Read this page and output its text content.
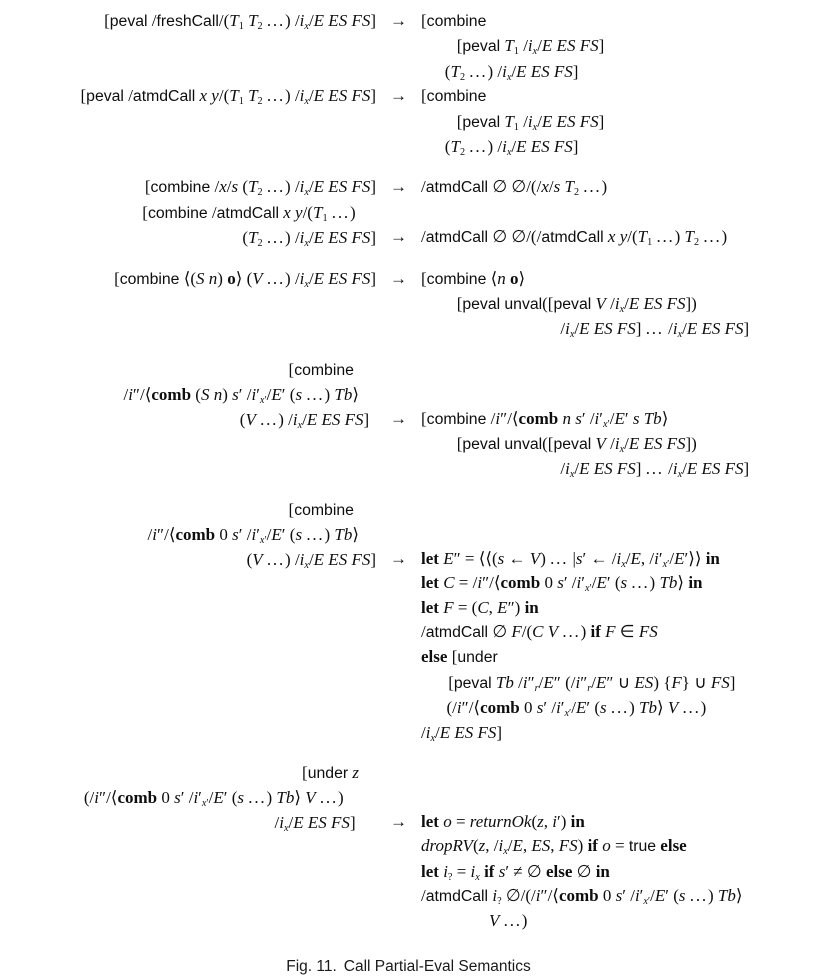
[peval $/freshCall/(T_1$ $T_2$ ...) $/i_x/E$ ES FS] → [combine
[peval $T_1$ $/i_x/E$ ES FS]
($T_2$ ...) $/i_x/E$ ES FS]
[peval /atmdCall x $y/(T_1$ $T_2$ ...) $/i_x/E$ ES FS] → [combine
[peval $T_1$ $/i_x/E$ ES FS]
($T_2$ ...) $/i_x/E$ ES FS]
[combine /x/s ($T_2$ ...) $/i_x/E$ ES FS] → /atmdCall ∅ ∅/(/x/s $T_2$ ...)
[combine /atmdCall x $y/(T_1$ ...)
($T_2$ ...) $/i_x/E$ ES FS] → /atmdCall ∅ ∅/(/atmdCall x $y/(T_1$ ...) $T_2$ ...)
[combine ⟨(S n) o⟩ (V ...) $/i_x/E$ ES FS] → [combine ⟨n o⟩
[peval unval([peval V $/i_x/E$ ES FS])
$/i_x/E$ ES FS] ... $/i_x/E$ ES FS]
[combine
/i″/⟨comb (S n) s′ $/i'_{x'}/E'$ (s ...) Tb⟩
(V ...) $/i_x/E$ ES FS]	→ [combine /i″/⟨comb n s′ $/i'_{x'}/E'$ s Tb⟩
[peval unval([peval V $/i_x/E$ ES FS])
$/i_x/E$ ES FS] ... $/i_x/E$ ES FS]
[combine
/i″/⟨comb 0 s′ $/i'_{x'}/E'$ (s ...) Tb⟩
(V ...) $/i_x/E$ ES FS] → let E″ = ⟨⟨(s ← V) ... |s′ ← $/i_x/E$, $/i'_{x'}/E'⟩⟩$ in
let C = /i″/⟨comb 0 s′ $/i'_{x'}/E'$ (s ...) Tb⟩ in
let F = (C, E″) in
/atmdCall ∅ F/(C V ...) if F ∈ FS
else [under
[peval Tb $/i''_r/E''$ ($/i''_r/E''$ ∪ ES) {F} ∪ FS]
(/i″/⟨comb 0 s′ $/i'_{x'}/E'$ (s ...) Tb⟩ V ...)
$/i_x/E$ ES FS]
[under z
(/i″/⟨comb 0 s′ $/i'_{x'}/E'$ (s ...) Tb⟩ V ...)
$/i_x/E$ ES FS]	→ let o = returnOk(z, i′) in
dropRV(z, $/i_x/E$, ES, FS) if o = true else
let $i_? = i_x$ if s′ ≠ ∅ else ∅ in
/atmdCall $i_?$ ∅/(/i″/⟨comb 0 s′ $/i'_{x'}/E'$ (s ...) Tb⟩
V ...)
Fig. 11. Call Partial-Eval Semantics
